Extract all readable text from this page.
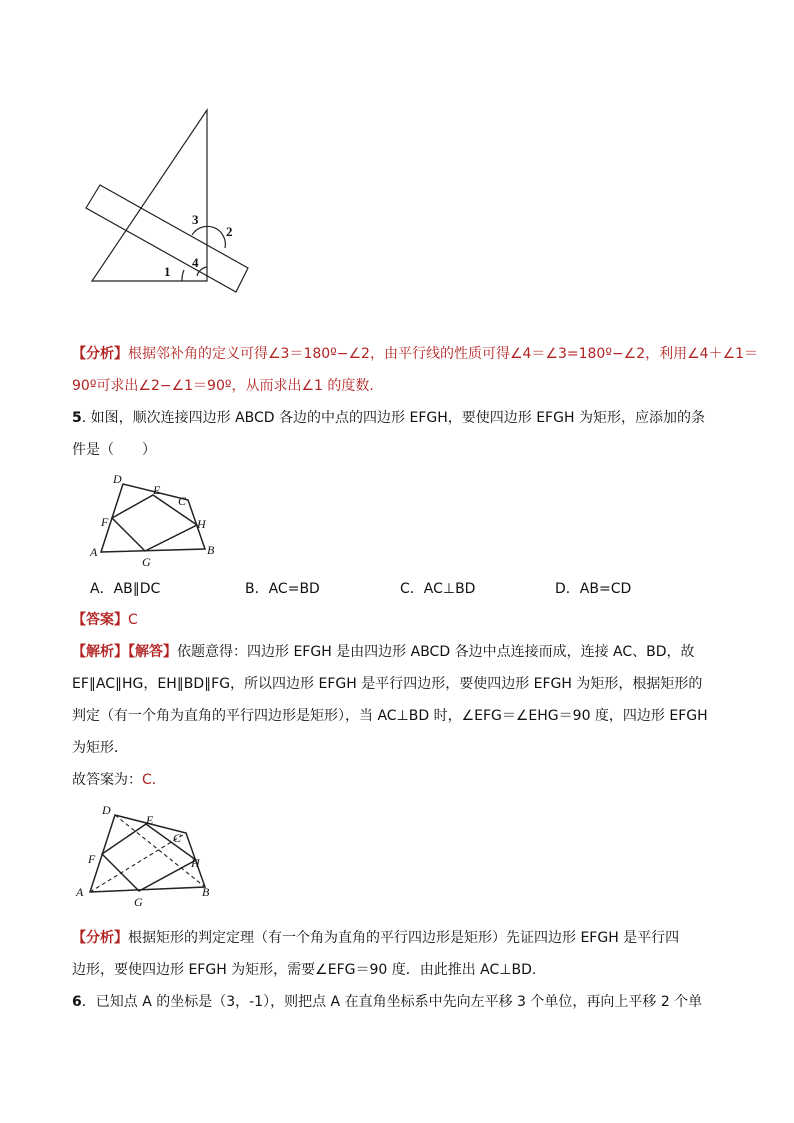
3
2
4
1
【分析】根据邻补角的定义可得∠3＝180º−∠2，由平行线的性质可得∠4＝∠3=180º−∠2，利用∠4＋∠1＝
90º可求出∠2−∠1＝90º，从而求出∠1 的度数.
5. 如图，顺次连接四边形 ABCD 各边的中点的四边形 EFGH，要使四边形 EFGH 为矩形，应添加的条
件是（　　）
D
E
C
F	H
A
G
B
A．AB∥DC	B．AC=BD	C．AC⊥BD	D．AB=CD
【答案】C
【解析】【解答】依题意得：四边形 EFGH 是由四边形 ABCD 各边中点连接而成，连接 AC、BD，故
EF∥AC∥HG，EH∥BD∥FG，所以四边形 EFGH 是平行四边形，要使四边形 EFGH 为矩形，根据矩形的
判定（有一个角为直角的平行四边形是矩形），当 AC⊥BD 时，∠EFG＝∠EHG＝90 度，四边形 EFGH
为矩形．
故答案为：C．
D
E
C
F	H
A
G
B
【分析】根据矩形的判定定理（有一个角为直角的平行四边形是矩形）先证四边形 EFGH 是平行四
边形，要使四边形 EFGH 为矩形，需要∠EFG＝90 度．由此推出 AC⊥BD.
6．已知点 A 的坐标是（3，-1），则把点 A 在直角坐标系中先向左平移 3 个单位，再向上平移 2 个单
